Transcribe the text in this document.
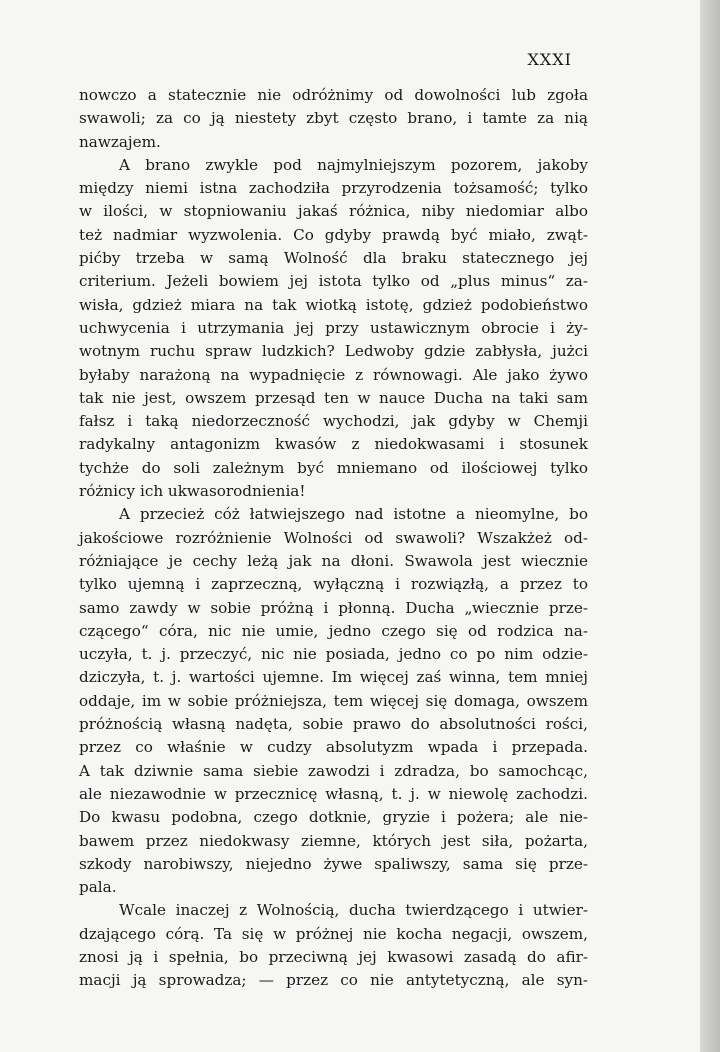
XXXI
nowczo a statecznie nie odróżnimy od dowolności lub zgoła
swawoli; za co ją niestety zbyt często brano, i tamte za nią
nawzajem.
A brano zwykle pod najmylniejszym pozorem, jakoby
między niemi istna zachodziła przyrodzenia tożsamość; tylko
w ilości, w stopniowaniu jakaś różnica, niby niedomiar albo
też nadmiar wyzwolenia. Co gdyby prawdą być miało, zwąt-
pićby trzeba w samą Wolność dla braku statecznego jej
criterium. Jeżeli bowiem jej istota tylko od „plus minus“ za-
wisła, gdzież miara na tak wiotką istotę, gdzież podobieństwo
uchwycenia i utrzymania jej przy ustawicznym obrocie i ży-
wotnym ruchu spraw ludzkich? Ledwoby gdzie zabłysła, jużci
byłaby narażoną na wypadnięcie z równowagi. Ale jako żywo
tak nie jest, owszem przesąd ten w nauce Ducha na taki sam
fałsz i taką niedorzeczność wychodzi, jak gdyby w Chemji
radykalny antagonizm kwasów z niedokwasami i stosunek
tychże do soli zależnym być mniemano od ilościowej tylko
różnicy ich ukwasorodnienia!
A przecież cóż łatwiejszego nad istotne a nieomylne, bo
jakościowe rozróżnienie Wolności od swawoli? Wszakżeż od-
różniające je cechy leżą jak na dłoni. Swawola jest wiecznie
tylko ujemną i zaprzeczną, wyłączną i rozwiązłą, a przez to
samo zawdy w sobie próżną i płonną. Ducha „wiecznie prze-
czącego“ córa, nic nie umie, jedno czego się od rodzica na-
uczyła, t. j. przeczyć, nic nie posiada, jedno co po nim odzie-
dziczyła, t. j. wartości ujemne. Im więcej zaś winna, tem mniej
oddaje, im w sobie próżniejsza, tem więcej się domaga, owszem
próżnością własną nadęta, sobie prawo do absolutności rości,
przez co właśnie w cudzy absolutyzm wpada i przepada.
A tak dziwnie sama siebie zawodzi i zdradza, bo samochcąc,
ale niezawodnie w przecznicę własną, t. j. w niewolę zachodzi.
Do kwasu podobna, czego dotknie, gryzie i pożera; ale nie-
bawem przez niedokwasy ziemne, których jest siła, pożarta,
szkody narobiwszy, niejedno żywe spaliwszy, sama się prze-
pala.
Wcale inaczej z Wolnością, ducha twierdzącego i utwier-
dzającego córą. Ta się w próżnej nie kocha negacji, owszem,
znosi ją i spełnia, bo przeciwną jej kwasowi zasadą do afir-
macji ją sprowadza; — przez co nie antytetyczną, ale syn-
